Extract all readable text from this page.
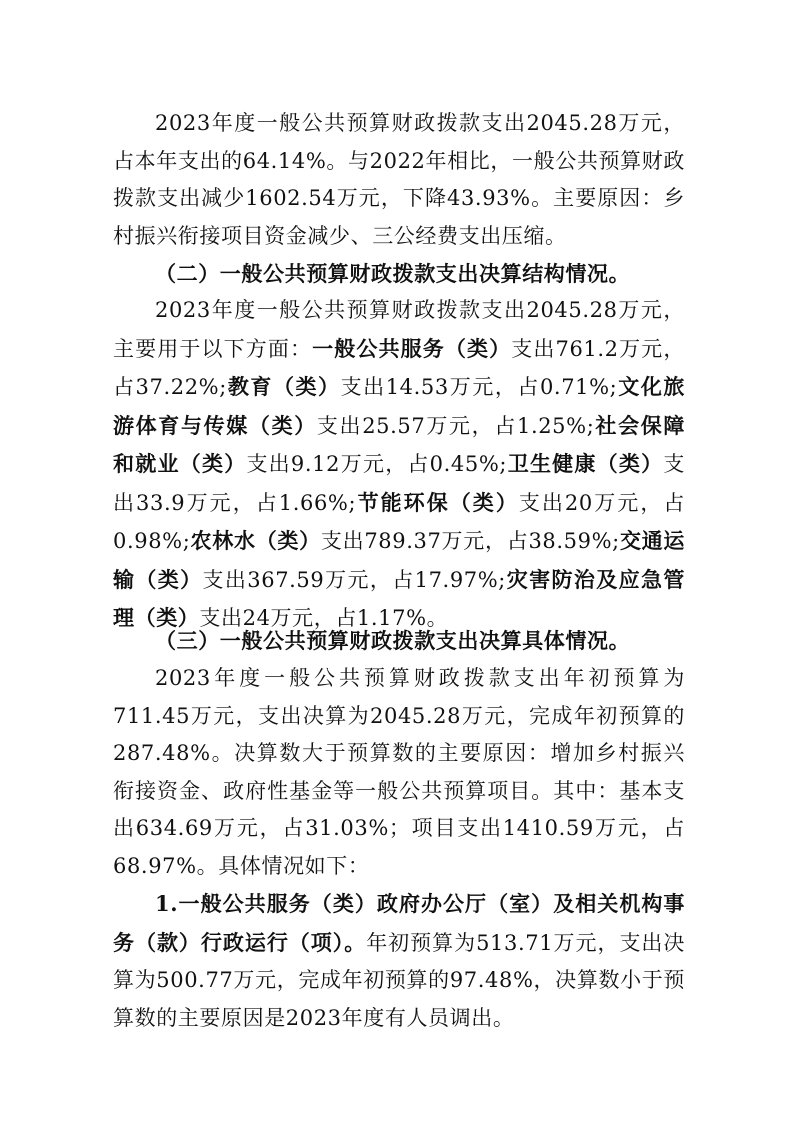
2023年度一般公共预算财政拨款支出2045.28万元，占本年支出的64.14%。与2022年相比，一般公共预算财政拨款支出减少1602.54万元，下降43.93%。主要原因：乡村振兴衔接项目资金减少、三公经费支出压缩。

（二）一般公共预算财政拨款支出决算结构情况。

2023年度一般公共预算财政拨款支出2045.28万元，主要用于以下方面：一般公共服务（类）支出761.2万元，占37.22%;教育（类）支出14.53万元，占0.71%;文化旅游体育与传媒（类）支出25.57万元，占1.25%;社会保障和就业（类）支出9.12万元，占0.45%;卫生健康（类）支出33.9万元，占1.66%;节能环保（类）支出20万元，占0.98%;农林水（类）支出789.37万元，占38.59%;交通运输（类）支出367.59万元，占17.97%;灾害防治及应急管理（类）支出24万元，占1.17%。

（三）一般公共预算财政拨款支出决算具体情况。

2023年度一般公共预算财政拨款支出年初预算为711.45万元，支出决算为2045.28万元，完成年初预算的287.48%。决算数大于预算数的主要原因：增加乡村振兴衔接资金、政府性基金等一般公共预算项目。其中：基本支出634.69万元，占31.03%；项目支出1410.59万元，占68.97%。具体情况如下：

1.一般公共服务（类）政府办公厅（室）及相关机构事务（款）行政运行（项）。年初预算为513.71万元，支出决算为500.77万元，完成年初预算的97.48%，决算数小于预算数的主要原因是2023年度有人员调出。
